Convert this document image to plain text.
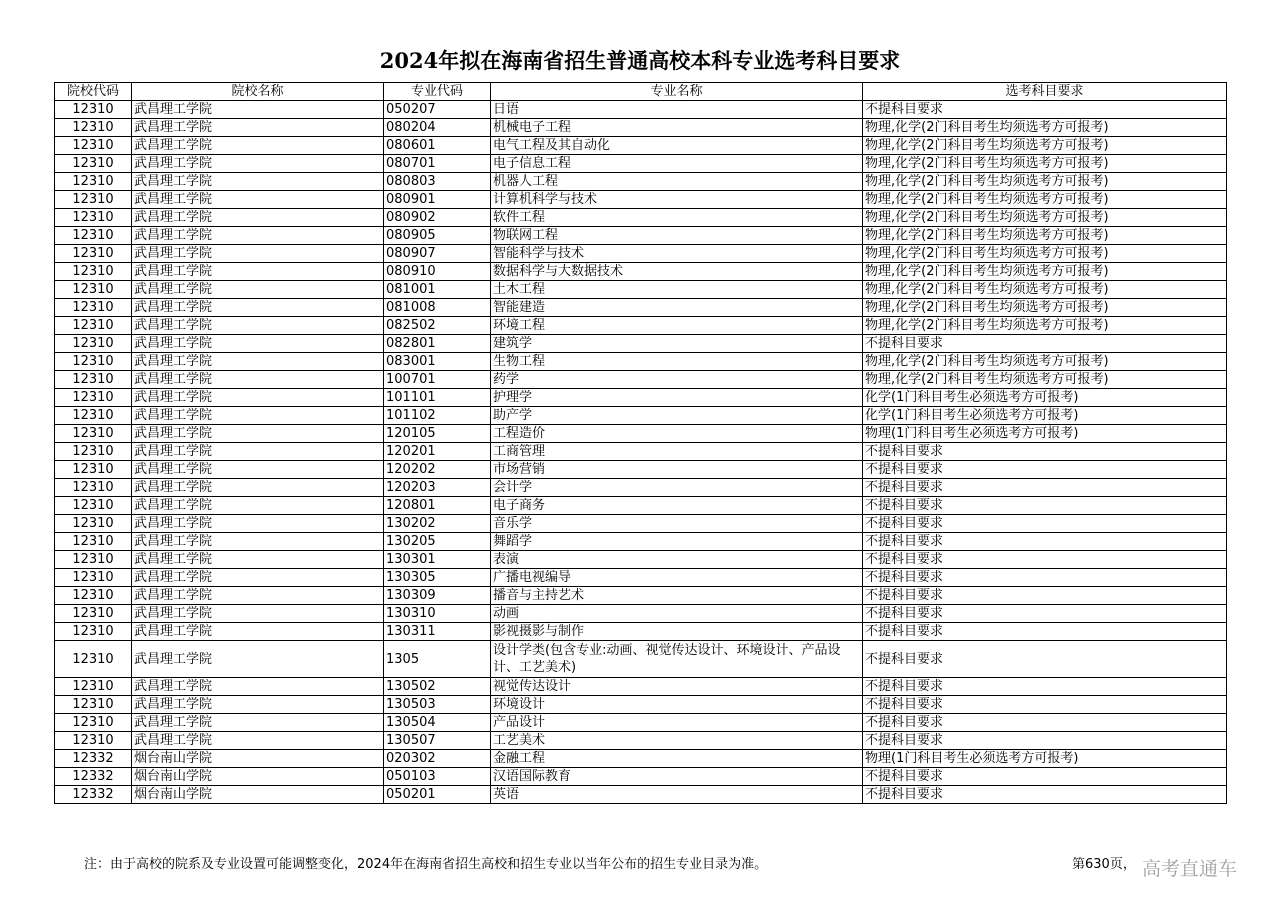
2024年拟在海南省招生普通高校本科专业选考科目要求
院校代码	院校名称	专业代码	专业名称	选考科目要求
12310	武昌理工学院	050207	日语	不提科目要求
12310	武昌理工学院	080204	机械电子工程	物理,化学(2门科目考生均须选考方可报考)
12310	武昌理工学院	080601	电气工程及其自动化	物理,化学(2门科目考生均须选考方可报考)
12310	武昌理工学院	080701	电子信息工程	物理,化学(2门科目考生均须选考方可报考)
12310	武昌理工学院	080803	机器人工程	物理,化学(2门科目考生均须选考方可报考)
12310	武昌理工学院	080901	计算机科学与技术	物理,化学(2门科目考生均须选考方可报考)
12310	武昌理工学院	080902	软件工程	物理,化学(2门科目考生均须选考方可报考)
12310	武昌理工学院	080905	物联网工程	物理,化学(2门科目考生均须选考方可报考)
12310	武昌理工学院	080907	智能科学与技术	物理,化学(2门科目考生均须选考方可报考)
12310	武昌理工学院	080910	数据科学与大数据技术	物理,化学(2门科目考生均须选考方可报考)
12310	武昌理工学院	081001	土木工程	物理,化学(2门科目考生均须选考方可报考)
12310	武昌理工学院	081008	智能建造	物理,化学(2门科目考生均须选考方可报考)
12310	武昌理工学院	082502	环境工程	物理,化学(2门科目考生均须选考方可报考)
12310	武昌理工学院	082801	建筑学	不提科目要求
12310	武昌理工学院	083001	生物工程	物理,化学(2门科目考生均须选考方可报考)
12310	武昌理工学院	100701	药学	物理,化学(2门科目考生均须选考方可报考)
12310	武昌理工学院	101101	护理学	化学(1门科目考生必须选考方可报考)
12310	武昌理工学院	101102	助产学	化学(1门科目考生必须选考方可报考)
12310	武昌理工学院	120105	工程造价	物理(1门科目考生必须选考方可报考)
12310	武昌理工学院	120201	工商管理	不提科目要求
12310	武昌理工学院	120202	市场营销	不提科目要求
12310	武昌理工学院	120203	会计学	不提科目要求
12310	武昌理工学院	120801	电子商务	不提科目要求
12310	武昌理工学院	130202	音乐学	不提科目要求
12310	武昌理工学院	130205	舞蹈学	不提科目要求
12310	武昌理工学院	130301	表演	不提科目要求
12310	武昌理工学院	130305	广播电视编导	不提科目要求
12310	武昌理工学院	130309	播音与主持艺术	不提科目要求
12310	武昌理工学院	130310	动画	不提科目要求
12310	武昌理工学院	130311	影视摄影与制作	不提科目要求
12310	武昌理工学院	1305	设计学类(包含专业:动画、视觉传达设计、环境设计、产品设计、工艺美术)	不提科目要求
12310	武昌理工学院	130502	视觉传达设计	不提科目要求
12310	武昌理工学院	130503	环境设计	不提科目要求
12310	武昌理工学院	130504	产品设计	不提科目要求
12310	武昌理工学院	130507	工艺美术	不提科目要求
12332	烟台南山学院	020302	金融工程	物理(1门科目考生必须选考方可报考)
12332	烟台南山学院	050103	汉语国际教育	不提科目要求
12332	烟台南山学院	050201	英语	不提科目要求
注：由于高校的院系及专业设置可能调整变化，2024年在海南省招生高校和招生专业以当年公布的招生专业目录为准。	第630页， 高考直通车
